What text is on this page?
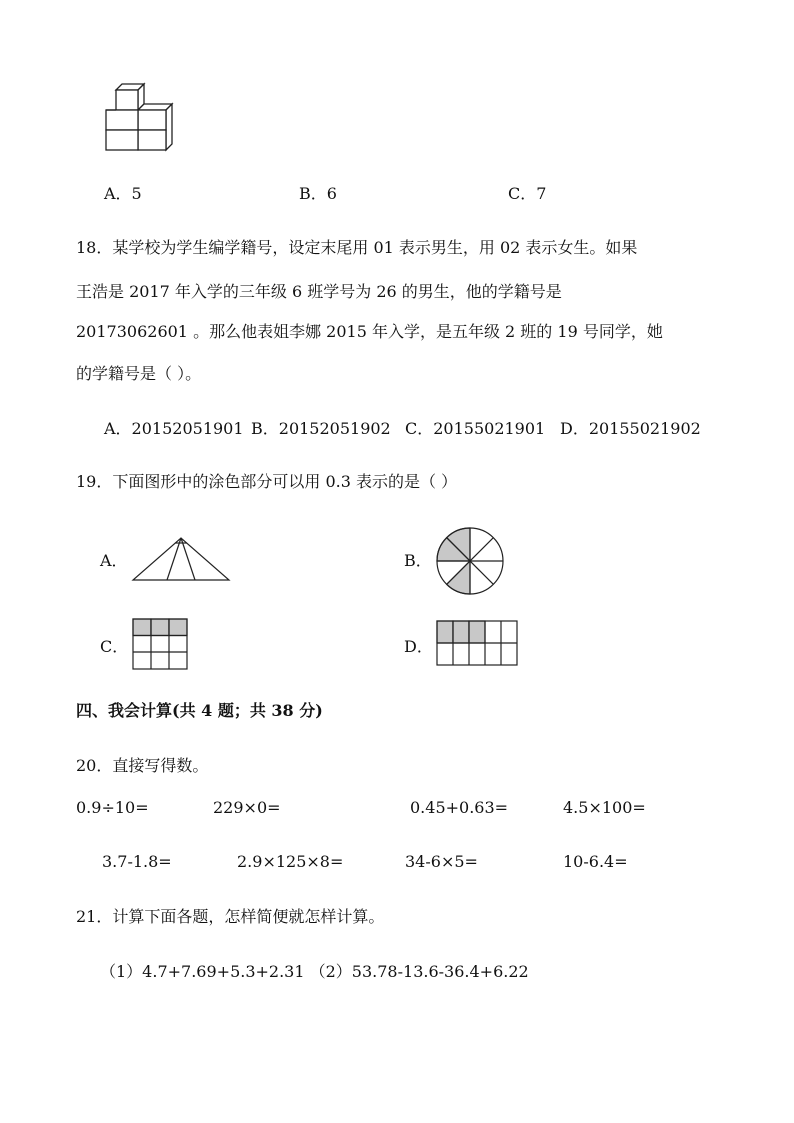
A．5	B．6	C．7
18．某学校为学生编学籍号，设定末尾用 01 表示男生，用 02 表示女生。如果
王浩是 2017 年入学的三年级 6 班学号为 26 的男生，他的学籍号是
20173062601 。那么他表姐李娜 2015 年入学，是五年级 2 班的 19 号同学，她
的学籍号是（ ）。
A．20152051901 B．20152051902 C．20155021901 D．20155021902
19．下面图形中的涂色部分可以用 0.3 表示的是（ ）
A．	B．
C．	D．
四、我会计算(共 4 题；共 38 分)
20．直接写得数。
0.9÷10=	229×0=	0.45+0.63=	4.5×100=
3.7-1.8=	2.9×125×8=	34-6×5=	10-6.4=
21．计算下面各题，怎样简便就怎样计算。
（1）4.7+7.69+5.3+2.31 （2）53.78-13.6-36.4+6.22
